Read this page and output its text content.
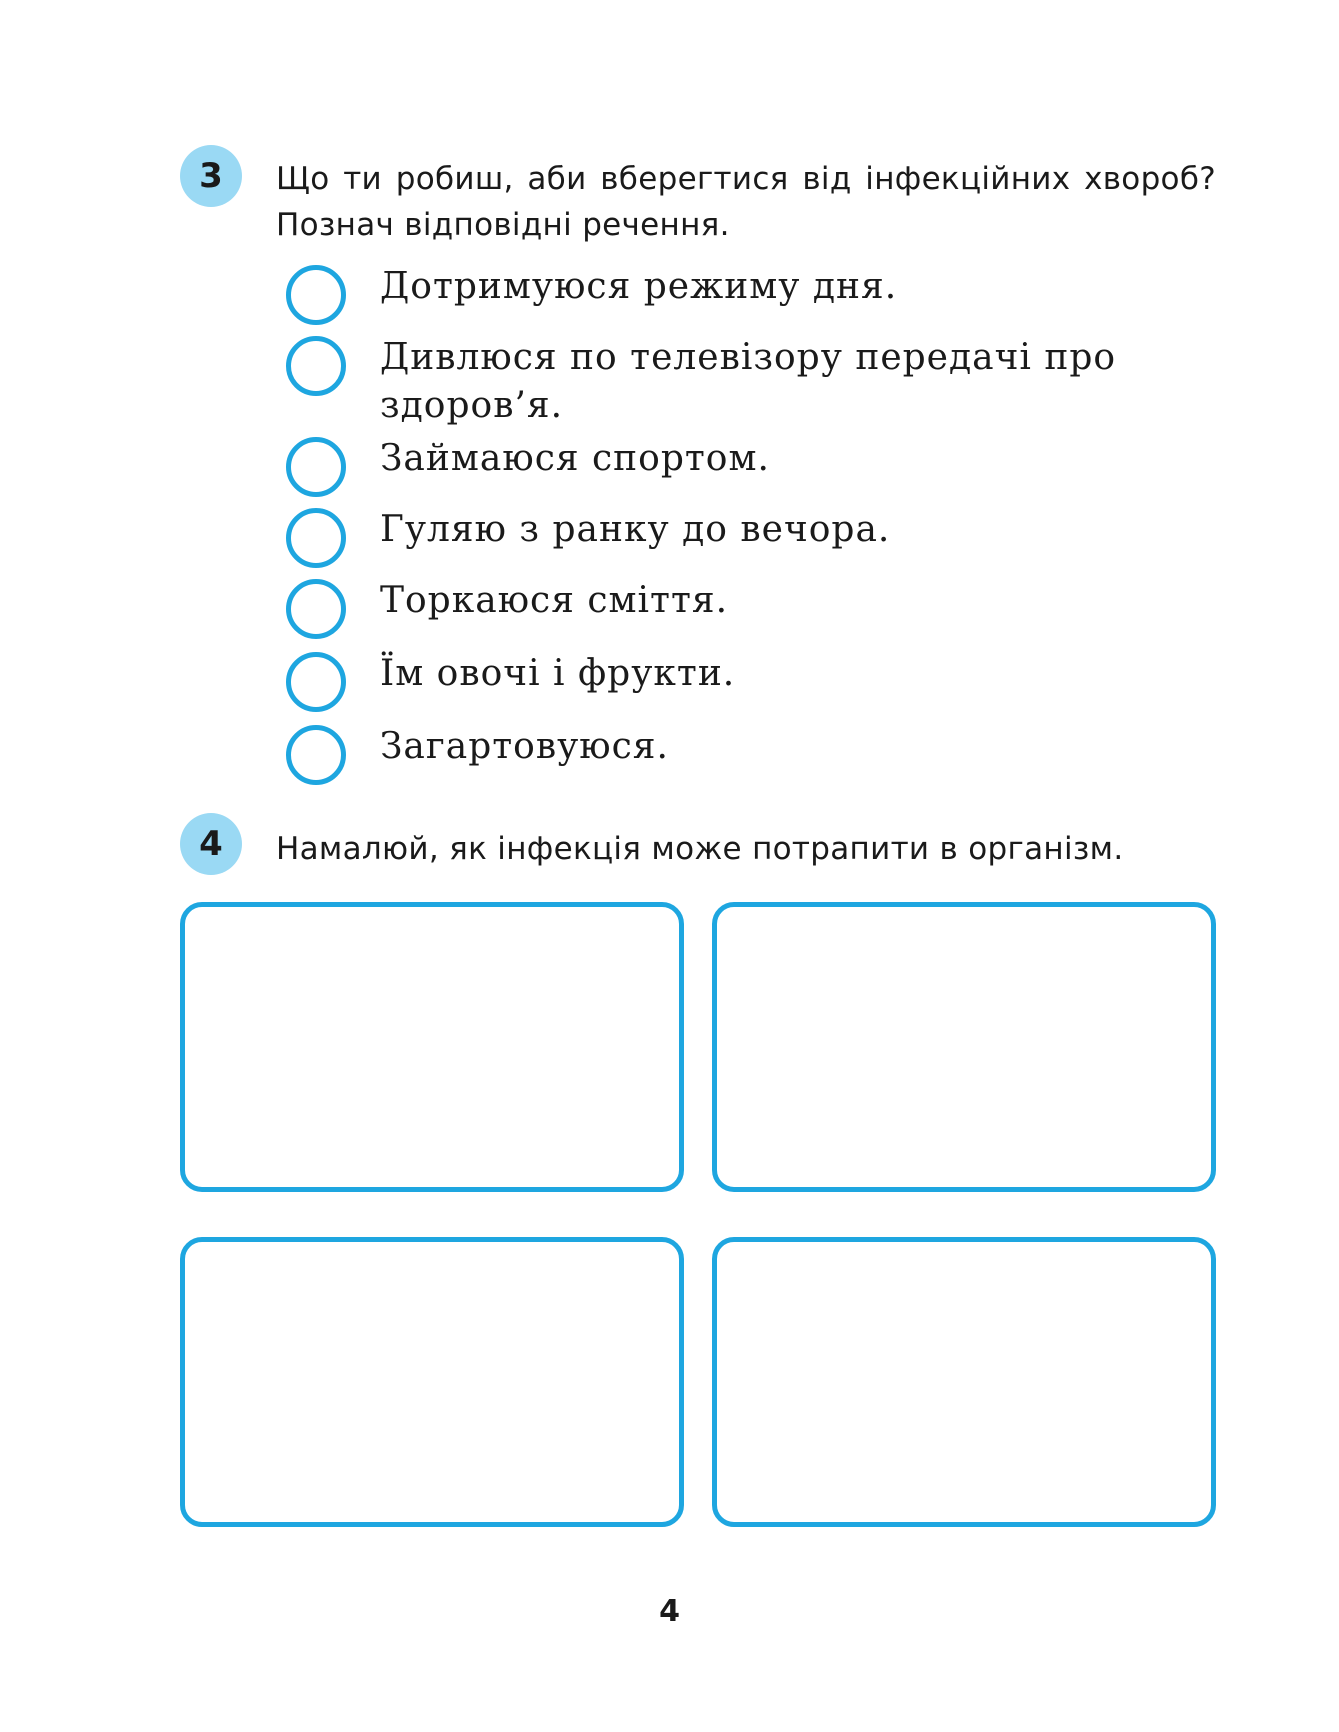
3	Що ти робиш, аби вберегтися від інфекційних хвороб? Познач відповідні речення.
Дотримуюся режиму дня.
Дивлюся по телевізору передачі про здоров’я.
Займаюся спортом.
Гуляю з ранку до вечора.
Торкаюся сміття.
Їм овочі і фрукти.
Загартовуюся.
4	Намалюй, як інфекція може потрапити в організм.
4
